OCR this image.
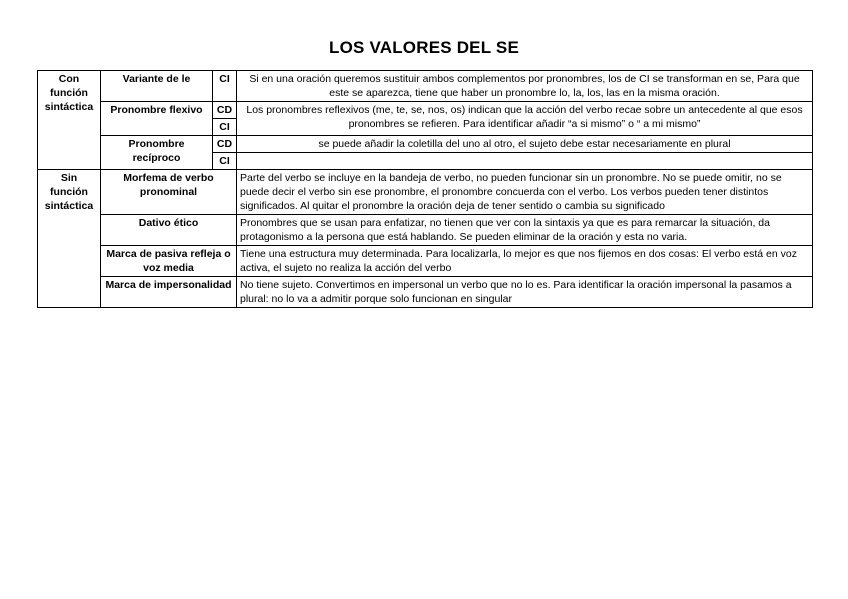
LOS VALORES DEL SE
Con función sintáctica	Variante de le	CI	Si en una oración queremos sustituir ambos complementos por pronombres, los de CI se transforman en se, Para que este se aparezca, tiene que haber un pronombre lo, la, los, las en la misma oración.
	Pronombre flexivo	CD	Los pronombres reflexivos (me, te, se, nos, os) indican que la acción del verbo recae sobre un antecedente al que esos pronombres se refieren. Para identificar añadir “a si mismo” o “ a mi mismo”
		CI	
	Pronombre recíproco	CD	se puede añadir la coletilla del uno al otro, el sujeto debe estar necesariamente en plural
		CI	
Sin función sintáctica	Morfema de verbo pronominal		Parte del verbo se incluye en la bandeja de verbo, no pueden funcionar sin un pronombre. No se puede omitir, no se puede decir el verbo sin ese pronombre, el pronombre concuerda con el verbo. Los verbos pueden tener distintos significados. Al quitar el pronombre la oración deja de tener sentido o cambia su significado
	Dativo ético		Pronombres que se usan para enfatizar, no tienen que ver con la sintaxis ya que es para remarcar la situación, da protagonismo a la persona que está hablando. Se pueden eliminar de la oración y esta no varia.
	Marca de pasiva refleja o voz media		Tiene una estructura muy determinada. Para localizarla, lo mejor es que nos fijemos en dos cosas: El verbo está en voz activa, el sujeto no realiza la acción del verbo
	Marca de impersonalidad		No tiene sujeto. Convertimos en impersonal un verbo que no lo es. Para identificar la oración impersonal la pasamos a plural: no lo va a admitir porque solo funcionan en singular
